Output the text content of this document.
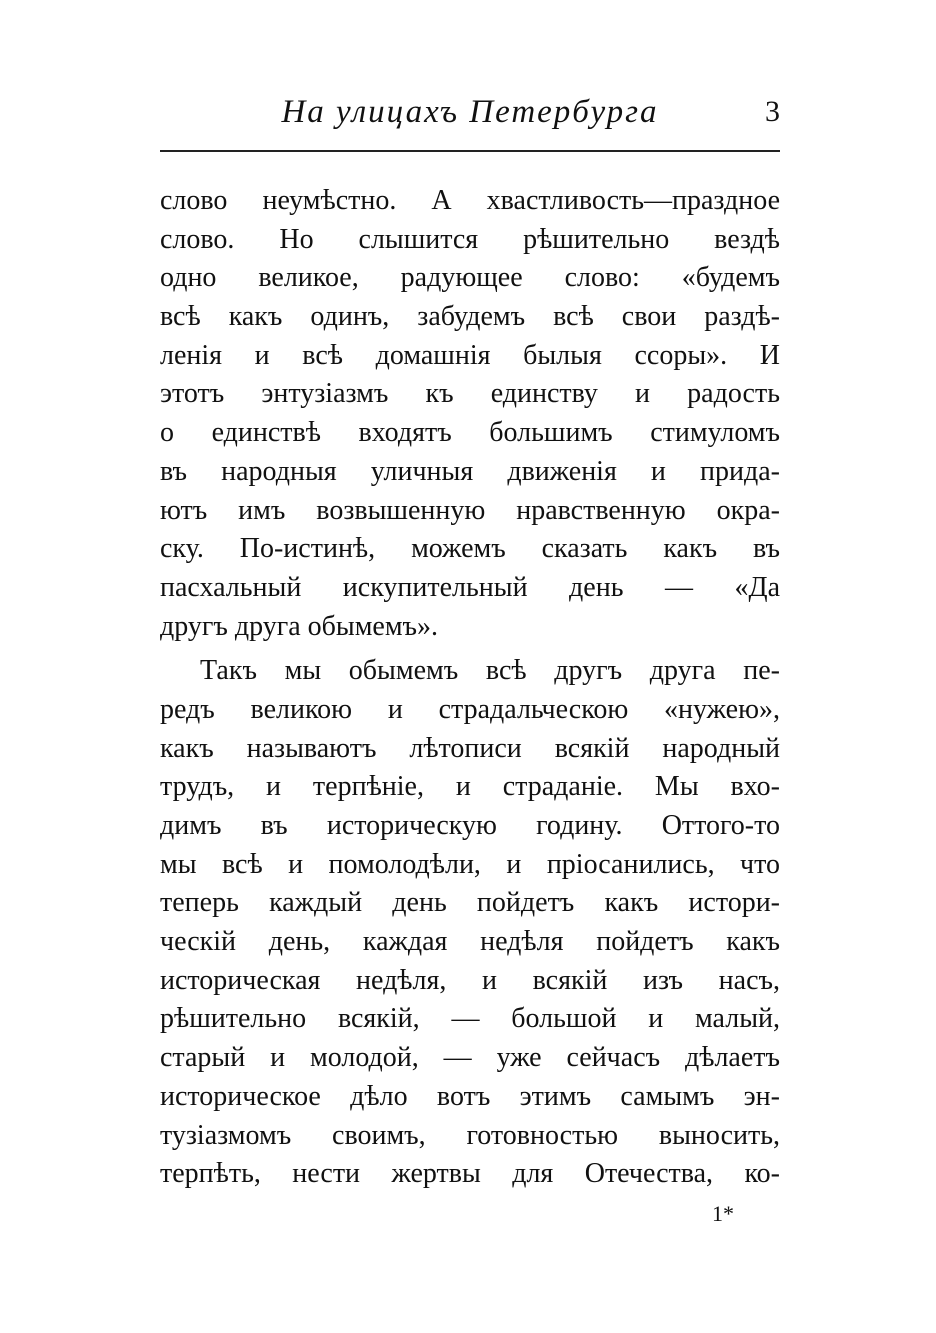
На улицахъ Петербурга	3
слово неумѣстно. А хвастливость—праздное
слово. Но слышится рѣшительно вездѣ
одно великое, радующее слово: «будемъ
всѣ какъ одинъ, забудемъ всѣ свои раздѣ-
ленія и всѣ домашнія былыя ссоры». И
этотъ энтузіазмъ къ единству и радость
о единствѣ входятъ большимъ стимуломъ
въ народныя уличныя движенія и прида-
ютъ имъ возвышенную нравственную окра-
ску. По-истинѣ, можемъ сказать какъ въ
пасхальный искупительный день — «Да
другъ друга обымемъ».
Такъ мы обымемъ всѣ другъ друга пе-
редъ великою и страдальческою «нужею»,
какъ называютъ лѣтописи всякій народный
трудъ, и терпѣніе, и страданіе. Мы вхо-
димъ въ историческую годину. Оттого-то
мы всѣ и помолодѣли, и пріосанились, что
теперь каждый день пойдетъ какъ истори-
ческій день, каждая недѣля пойдетъ какъ
историческая недѣля, и всякій изъ насъ,
рѣшительно всякій, — большой и малый,
старый и молодой, — уже сейчасъ дѣлаетъ
историческое дѣло вотъ этимъ самымъ эн-
тузіазмомъ своимъ, готовностью выносить,
терпѣть, нести жертвы для Отечества, ко-
1*
